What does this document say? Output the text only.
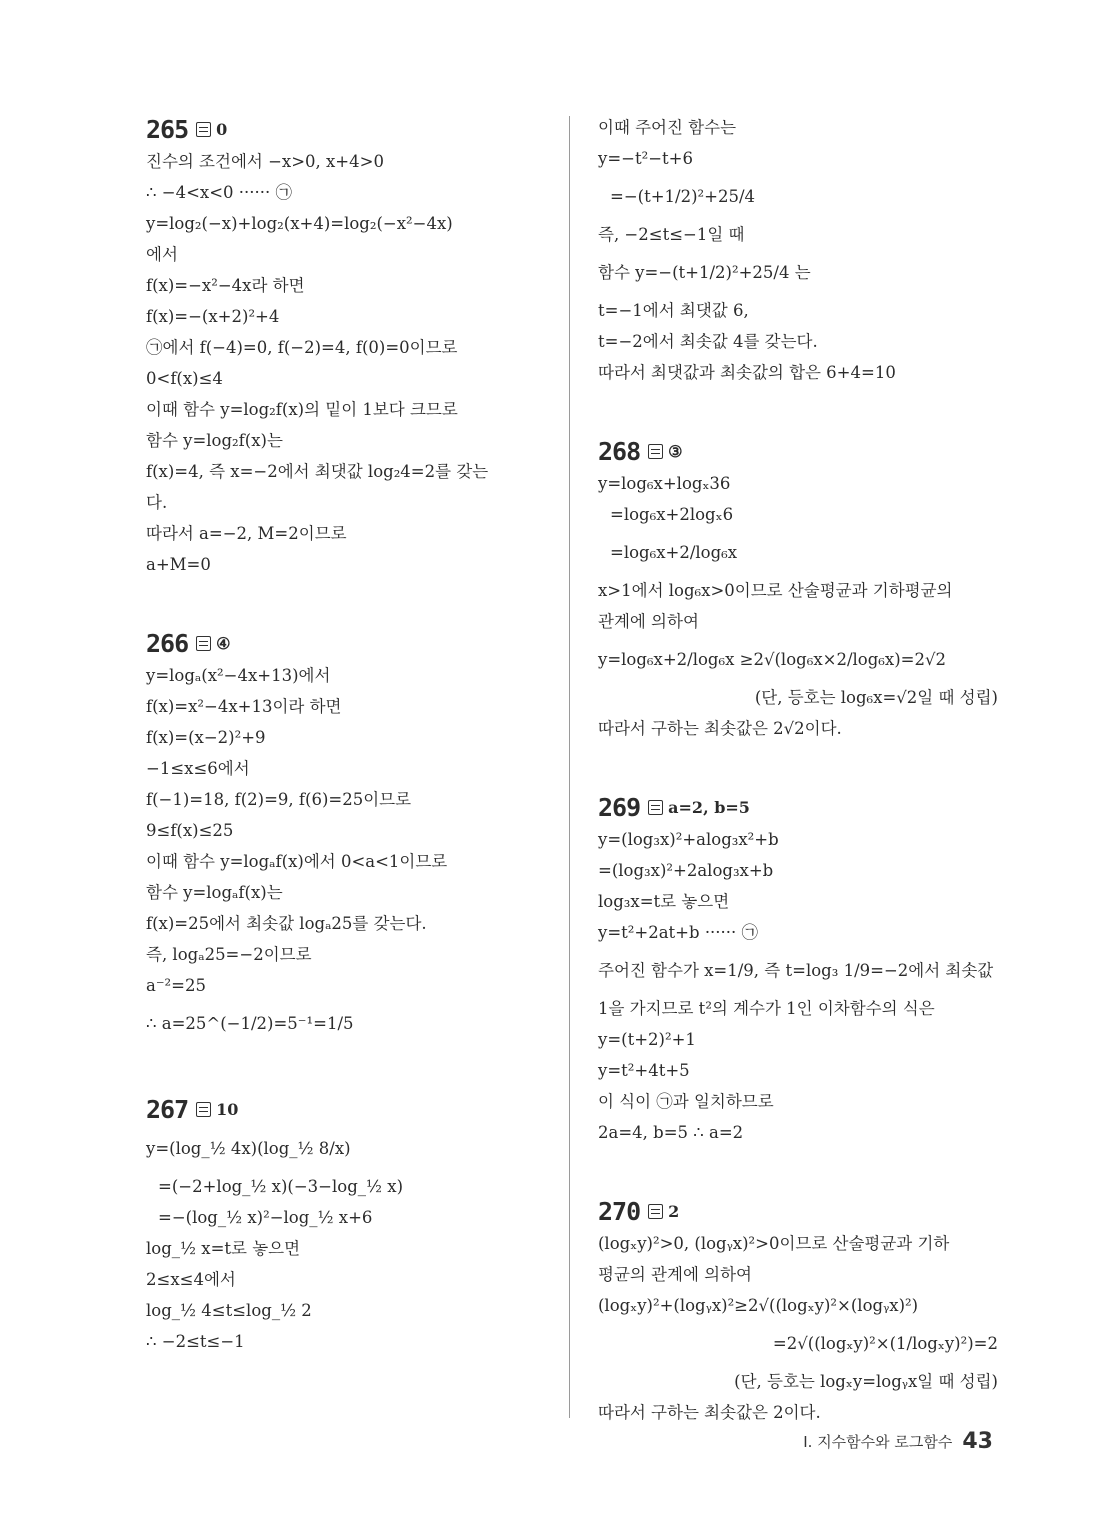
265 0
진수의 조건에서 −x>0, x+4>0
∴ −4<x<0 ······ ㉠
y=log₂(−x)+log₂(x+4)=log₂(−x²−4x)
에서
f(x)=−x²−4x라 하면
f(x)=−(x+2)²+4
㉠에서 f(−4)=0, f(−2)=4, f(0)=0이므로
0<f(x)≤4
이때 함수 y=log₂f(x)의 밑이 1보다 크므로
함수 y=log₂f(x)는
f(x)=4, 즉 x=−2에서 최댓값 log₂4=2를 갖는
다.
따라서 a=−2, M=2이므로
a+M=0
266 ④
y=logₐ(x²−4x+13)에서
f(x)=x²−4x+13이라 하면
f(x)=(x−2)²+9
−1≤x≤6에서
f(−1)=18, f(2)=9, f(6)=25이므로
9≤f(x)≤25
이때 함수 y=logₐf(x)에서 0<a<1이므로
함수 y=logₐf(x)는
f(x)=25에서 최솟값 logₐ25를 갖는다.
즉, logₐ25=−2이므로
a⁻²=25
∴ a=25^(−1/2)=5⁻¹=1/5
267 10
y=(log_½ 4x)(log_½ 8/x)
=(−2+log_½ x)(−3−log_½ x)
=−(log_½ x)²−log_½ x+6
log_½ x=t로 놓으면
2≤x≤4에서
log_½ 4≤t≤log_½ 2
∴ −2≤t≤−1
이때 주어진 함수는
y=−t²−t+6
=−(t+1/2)²+25/4
즉, −2≤t≤−1일 때
함수 y=−(t+1/2)²+25/4 는
t=−1에서 최댓값 6,
t=−2에서 최솟값 4를 갖는다.
따라서 최댓값과 최솟값의 합은 6+4=10
268 ③
y=log₆x+logₓ36
=log₆x+2logₓ6
=log₆x+2/log₆x
x>1에서 log₆x>0이므로 산술평균과 기하평균의
관계에 의하여
y=log₆x+2/log₆x ≥2√(log₆x×2/log₆x)=2√2
(단, 등호는 log₆x=√2일 때 성립)
따라서 구하는 최솟값은 2√2이다.
269 a=2, b=5
y=(log₃x)²+alog₃x²+b
=(log₃x)²+2alog₃x+b
log₃x=t로 놓으면
y=t²+2at+b ······ ㉠
주어진 함수가 x=1/9, 즉 t=log₃ 1/9=−2에서 최솟값
1을 가지므로 t²의 계수가 1인 이차함수의 식은
y=(t+2)²+1
y=t²+4t+5
이 식이 ㉠과 일치하므로
2a=4, b=5 ∴ a=2
270 2
(logₓy)²>0, (logᵧx)²>0이므로 산술평균과 기하
평균의 관계에 의하여
(logₓy)²+(logᵧx)²≥2√((logₓy)²×(logᵧx)²)
=2√((logₓy)²×(1/logₓy)²)=2
(단, 등호는 logₓy=logᵧx일 때 성립)
따라서 구하는 최솟값은 2이다.
I. 지수함수와 로그함수 43
